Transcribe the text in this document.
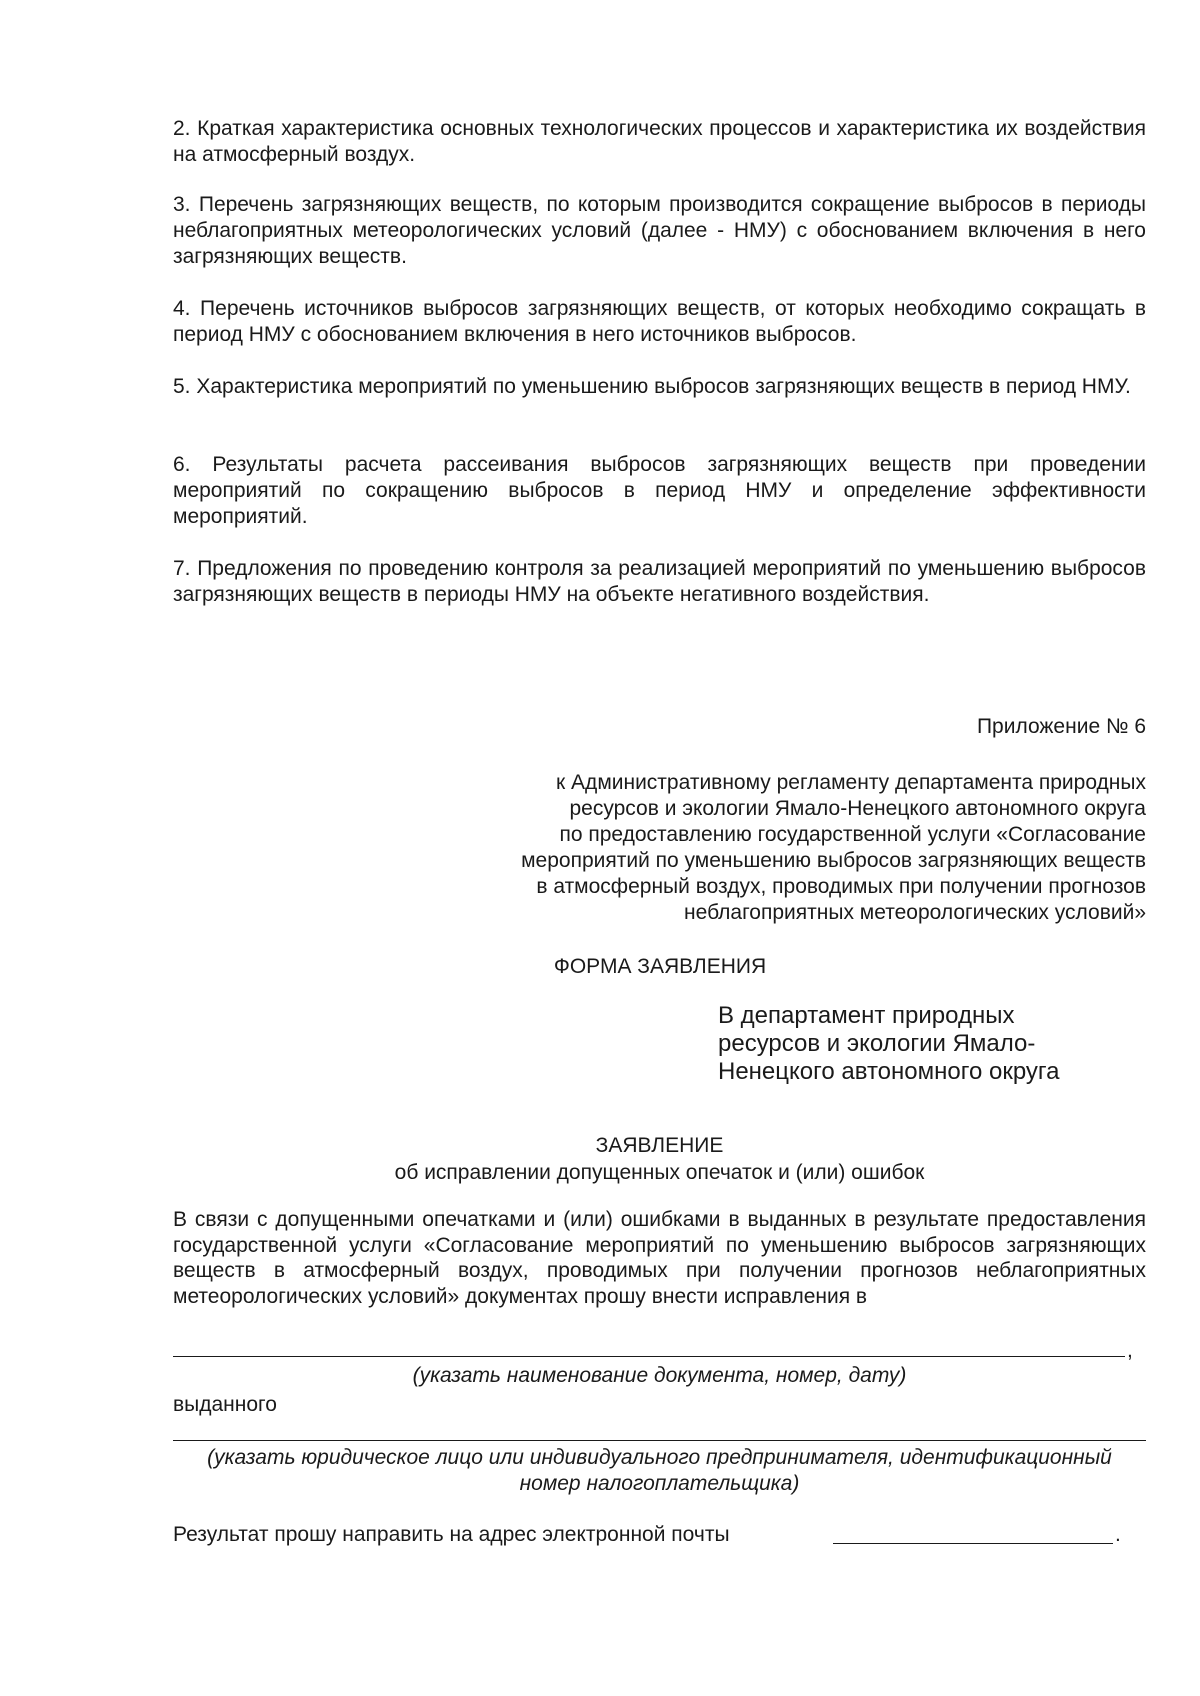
2. Краткая характеристика основных технологических процессов и характеристика их воздействия на атмосферный воздух.

3. Перечень загрязняющих веществ, по которым производится сокращение выбросов в периоды неблагоприятных метеорологических условий (далее - НМУ) с обоснованием включения в него загрязняющих веществ.

4. Перечень источников выбросов загрязняющих веществ, от которых необходимо сокращать в период НМУ с обоснованием включения в него источников выбросов.

5. Характеристика мероприятий по уменьшению выбросов загрязняющих веществ в период НМУ.

6. Результаты расчета рассеивания выбросов загрязняющих веществ при проведении мероприятий по сокращению выбросов в период НМУ и определение эффективности мероприятий.

7. Предложения по проведению контроля за реализацией мероприятий по уменьшению выбросов загрязняющих веществ в периоды НМУ на объекте негативного воздействия.

Приложение № 6

к Административному регламенту департамента природных
ресурсов и экологии Ямало-Ненецкого автономного округа
по предоставлению государственной услуги «Согласование
мероприятий по уменьшению выбросов загрязняющих веществ
в атмосферный воздух, проводимых при получении прогнозов
неблагоприятных метеорологических условий»

ФОРМА ЗАЯВЛЕНИЯ

В департамент природных
ресурсов и экологии Ямало-
Ненецкого автономного округа

ЗАЯВЛЕНИЕ

об исправлении допущенных опечаток и (или) ошибок

В связи с допущенными опечатками и (или) ошибками в выданных в результате предоставления государственной услуги «Согласование мероприятий по уменьшению выбросов загрязняющих веществ в атмосферный воздух, проводимых при получении прогнозов неблагоприятных метеорологических условий» документах прошу внести исправления в

,

(указать наименование документа, номер, дату)

выданного

(указать юридическое лицо или индивидуального предпринимателя, идентификационный
номер налогоплательщика)

Результат прошу направить на адрес электронной почты	.
